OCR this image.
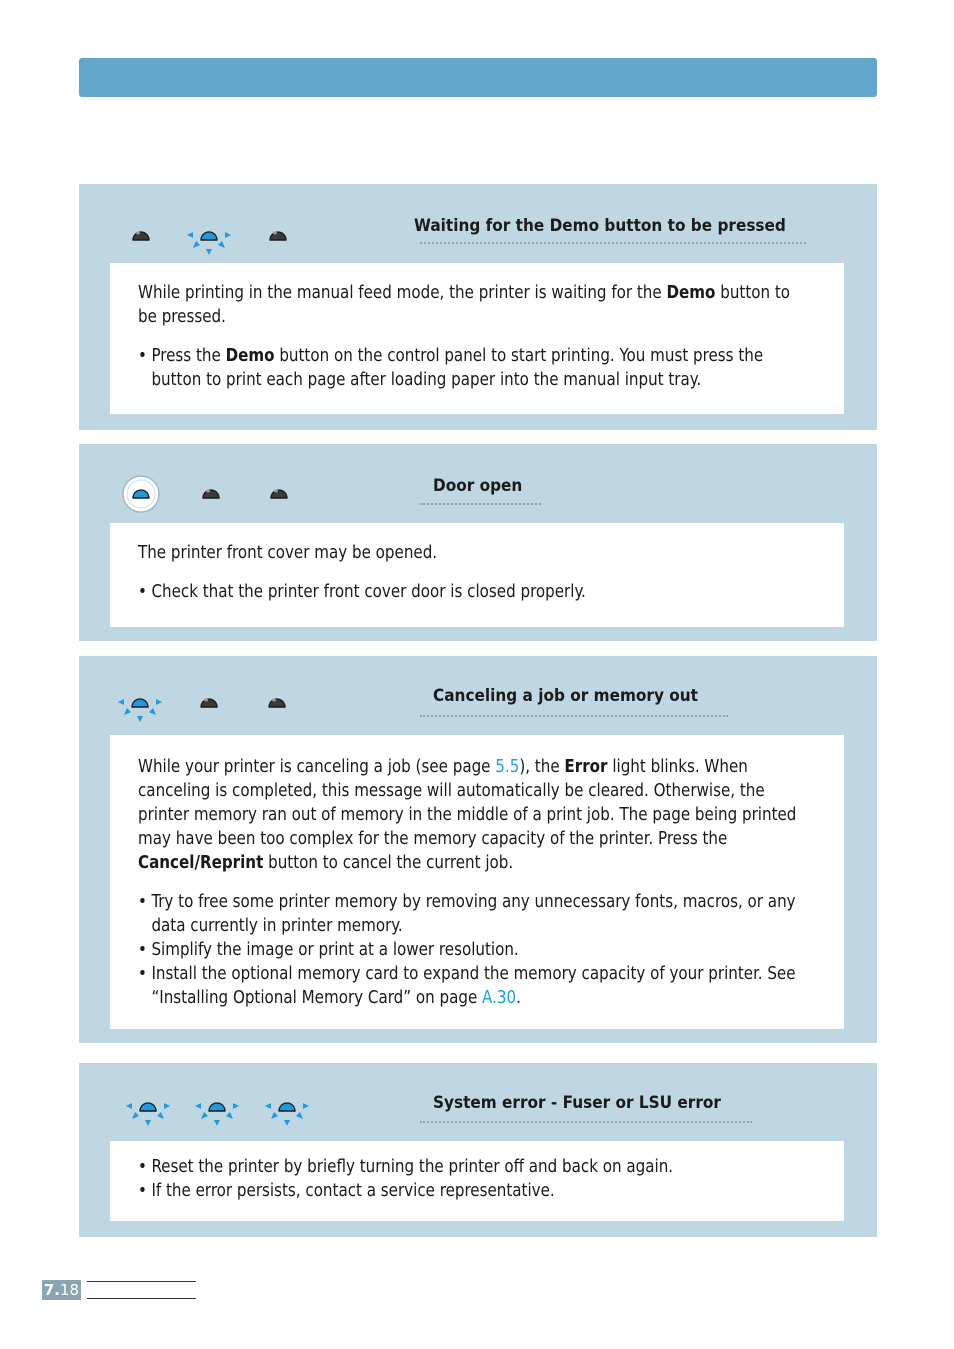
Waiting for the Demo button to be pressed

While printing in the manual feed mode, the printer is waiting for the Demo button to be pressed.

• Press the Demo button on the control panel to start printing. You must press the button to print each page after loading paper into the manual input tray.
Door open

The printer front cover may be opened.

• Check that the printer front cover door is closed properly.
Canceling a job or memory out

While your printer is canceling a job (see page 5.5), the Error light blinks. When canceling is completed, this message will automatically be cleared. Otherwise, the printer memory ran out of memory in the middle of a print job. The page being printed may have been too complex for the memory capacity of the printer. Press the Cancel/Reprint button to cancel the current job.

• Try to free some printer memory by removing any unnecessary fonts, macros, or any data currently in printer memory.
• Simplify the image or print at a lower resolution.
• Install the optional memory card to expand the memory capacity of your printer. See “Installing Optional Memory Card” on page A.30.
System error - Fuser or LSU error
• Reset the printer by briefly turning the printer off and back on again.
• If the error persists, contact a service representative.
7.18
